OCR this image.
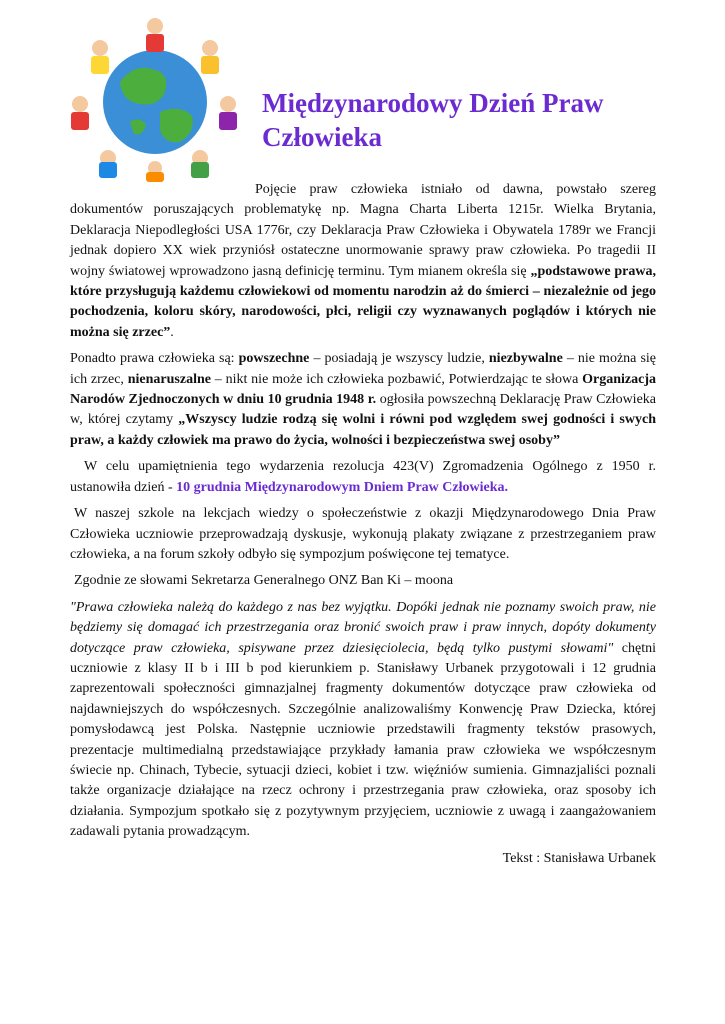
Międzynarodowy Dzień Praw Człowieka

Pojęcie praw człowieka istniało od dawna, powstało szereg dokumentów poruszających problematykę np. Magna Charta Liberta 1215r. Wielka Brytania, Deklaracja Niepodległości USA 1776r, czy Deklaracja Praw Człowieka i Obywatela 1789r we Francji jednak dopiero XX wiek przyniósł ostateczne unormowanie sprawy praw człowieka. Po tragedii II wojny światowej wprowadzono jasną definicję terminu. Tym mianem określa się „podstawowe prawa, które przysługują każdemu człowiekowi od momentu narodzin aż do śmierci – niezależnie od jego pochodzenia, koloru skóry, narodowości, płci, religii czy wyznawanych poglądów i których nie można się zrzec”.

Ponadto prawa człowieka są: powszechne – posiadają je wszyscy ludzie, niezbywalne – nie można się ich zrzec, nienaruszalne – nikt nie może ich człowieka pozbawić, Potwierdzając te słowa Organizacja Narodów Zjednoczonych w dniu 10 grudnia 1948 r. ogłosiła powszechną Deklarację Praw Człowieka w, której czytamy „Wszyscy ludzie rodzą się wolni i równi pod względem swej godności i swych praw, a każdy człowiek ma prawo do życia, wolności i bezpieczeństwa swej osoby”

W celu upamiętnienia tego wydarzenia rezolucja 423(V) Zgromadzenia Ogólnego z 1950 r. ustanowiła dzień - 10 grudnia Międzynarodowym Dniem Praw Człowieka.

W naszej szkole na lekcjach wiedzy o społeczeństwie z okazji Międzynarodowego Dnia Praw Człowieka uczniowie przeprowadzają dyskusje, wykonują plakaty związane z przestrzeganiem praw człowieka, a na forum szkoły odbyło się sympozjum poświęcone tej tematyce.

Zgodnie ze słowami Sekretarza Generalnego ONZ Ban Ki – moona

"Prawa człowieka należą do każdego z nas bez wyjątku. Dopóki jednak nie poznamy swoich praw, nie będziemy się domagać ich przestrzegania oraz bronić swoich praw i praw innych, dopóty dokumenty dotyczące praw człowieka, spisywane przez dziesięciolecia, będą tylko pustymi słowami" chętni uczniowie z klasy II b i III b pod kierunkiem p. Stanisławy Urbanek przygotowali i 12 grudnia zaprezentowali społeczności gimnazjalnej fragmenty dokumentów dotyczące praw człowieka od najdawniejszych do współczesnych. Szczególnie analizowaliśmy Konwencję Praw Dziecka, której pomysłodawcą jest Polska. Następnie uczniowie przedstawili fragmenty tekstów prasowych, prezentacje multimedialną przedstawiające przykłady łamania praw człowieka we współczesnym świecie np. Chinach, Tybecie, sytuacji dzieci, kobiet i tzw. więźniów sumienia. Gimnazjaliści poznali także organizacje działające na rzecz ochrony i przestrzegania praw człowieka, oraz sposoby ich działania. Sympozjum spotkało się z pozytywnym przyjęciem, uczniowie z uwagą i zaangażowaniem zadawali pytania prowadzącym.

Tekst : Stanisława Urbanek
